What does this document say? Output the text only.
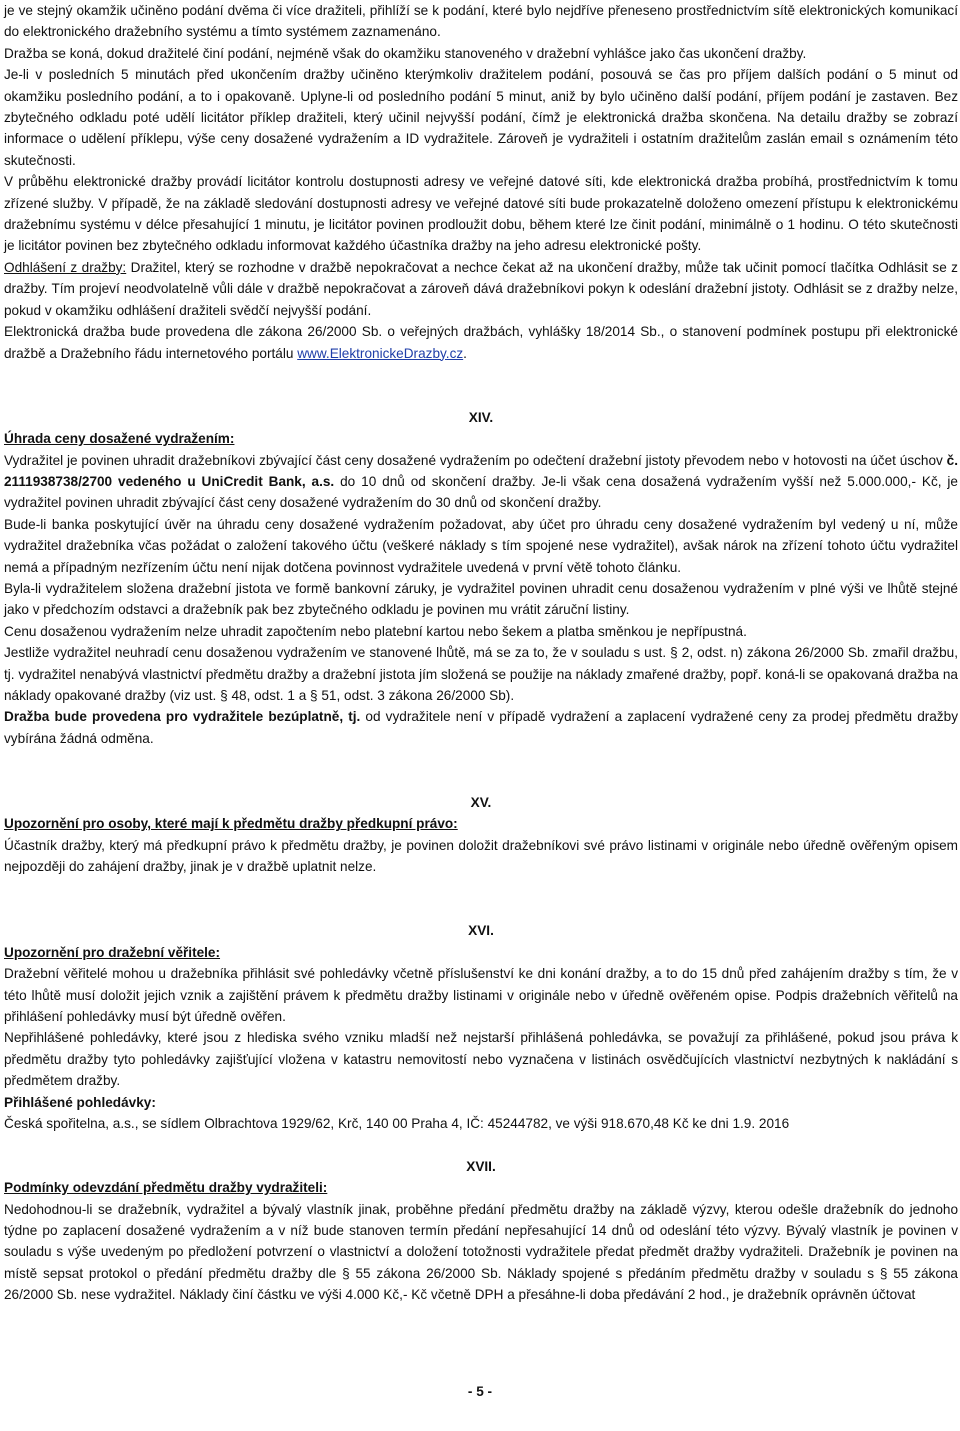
je ve stejný okamžik učiněno podání dvěma či více dražiteli, přihlíží se k podání, které bylo nejdříve přeneseno prostřednictvím sítě elektronických komunikací do elektronického dražebního systému a tímto systémem zaznamenáno.

Dražba se koná, dokud dražitelé činí podání, nejméně však do okamžiku stanoveného v dražební vyhlášce jako čas ukončení dražby.

Je-li v posledních 5 minutách před ukončením dražby učiněno kterýmkoliv dražitelem podání, posouvá se čas pro příjem dalších podání o 5 minut od okamžiku posledního podání, a to i opakovaně. Uplyne-li od posledního podání 5 minut, aniž by bylo učiněno další podání, příjem podání je zastaven. Bez zbytečného odkladu poté udělí licitátor příklep dražiteli, který učinil nejvyšší podání, čímž je elektronická dražba skončena. Na detailu dražby se zobrazí informace o udělení příklepu, výše ceny dosažené vydražením a ID vydražitele. Zároveň je vydražiteli i ostatním dražitelům zaslán email s oznámením této skutečnosti.

V průběhu elektronické dražby provádí licitátor kontrolu dostupnosti adresy ve veřejné datové síti, kde elektronická dražba probíhá, prostřednictvím k tomu zřízené služby. V případě, že na základě sledování dostupnosti adresy ve veřejné datové síti bude prokazatelně doloženo omezení přístupu k elektronickému dražebnímu systému v délce přesahující 1 minutu, je licitátor povinen prodloužit dobu, během které lze činit podání, minimálně o 1 hodinu. O této skutečnosti je licitátor povinen bez zbytečného odkladu informovat každého účastníka dražby na jeho adresu elektronické pošty.

Odhlášení z dražby: Dražitel, který se rozhodne v dražbě nepokračovat a nechce čekat až na ukončení dražby, může tak učinit pomocí tlačítka Odhlásit se z dražby. Tím projeví neodvolatelně vůli dále v dražbě nepokračovat a zároveň dává dražebníkovi pokyn k odeslání dražební jistoty. Odhlásit se z dražby nelze, pokud v okamžiku odhlášení dražiteli svědčí nejvyšší podání.

Elektronická dražba bude provedena dle zákona 26/2000 Sb. o veřejných dražbách, vyhlášky 18/2014 Sb., o stanovení podmínek postupu při elektronické dražbě a Dražebního řádu internetového portálu www.ElektronickeDrazby.cz.

XIV.

Úhrada ceny dosažené vydražením:

Vydražitel je povinen uhradit dražebníkovi zbývající část ceny dosažené vydražením po odečtení dražební jistoty převodem nebo v hotovosti na účet úschov č. 2111938738/2700 vedeného u UniCredit Bank, a.s. do 10 dnů od skončení dražby. Je-li však cena dosažená vydražením vyšší než 5.000.000,- Kč, je vydražitel povinen uhradit zbývající část ceny dosažené vydražením do 30 dnů od skončení dražby.

Bude-li banka poskytující úvěr na úhradu ceny dosažené vydražením požadovat, aby účet pro úhradu ceny dosažené vydražením byl vedený u ní, může vydražitel dražebníka včas požádat o založení takového účtu (veškeré náklady s tím spojené nese vydražitel), avšak nárok na zřízení tohoto účtu vydražitel nemá a případným nezřízením účtu není nijak dotčena povinnost vydražitele uvedená v první větě tohoto článku.

Byla-li vydražitelem složena dražební jistota ve formě bankovní záruky, je vydražitel povinen uhradit cenu dosaženou vydražením v plné výši ve lhůtě stejné jako v předchozím odstavci a dražebník pak bez zbytečného odkladu je povinen mu vrátit záruční listiny.

Cenu dosaženou vydražením nelze uhradit započtením nebo platební kartou nebo šekem a platba směnkou je nepřípustná.

Jestliže vydražitel neuhradí cenu dosaženou vydražením ve stanovené lhůtě, má se za to, že v souladu s ust. § 2, odst. n) zákona 26/2000 Sb. zmařil dražbu, tj. vydražitel nenabývá vlastnictví předmětu dražby a dražební jistota jím složená se použije na náklady zmařené dražby, popř. koná-li se opakovaná dražba na náklady opakované dražby (viz ust. § 48, odst. 1 a § 51, odst. 3 zákona 26/2000 Sb).

Dražba bude provedena pro vydražitele bezúplatně, tj. od vydražitele není v případě vydražení a zaplacení vydražené ceny za prodej předmětu dražby vybírána žádná odměna.

XV.

Upozornění pro osoby, které mají k předmětu dražby předkupní právo:

Účastník dražby, který má předkupní právo k předmětu dražby, je povinen doložit dražebníkovi své právo listinami v originále nebo úředně ověřeným opisem nejpozději do zahájení dražby, jinak je v dražbě uplatnit nelze.

XVI.

Upozornění pro dražební věřitele:

Dražební věřitelé mohou u dražebníka přihlásit své pohledávky včetně příslušenství ke dni konání dražby, a to do 15 dnů před zahájením dražby s tím, že v této lhůtě musí doložit jejich vznik a zajištění právem k předmětu dražby listinami v originále nebo v úředně ověřeném opise. Podpis dražebních věřitelů na přihlášení pohledávky musí být úředně ověřen.

Nepřihlášené pohledávky, které jsou z hlediska svého vzniku mladší než nejstarší přihlášená pohledávka, se považují za přihlášené, pokud jsou práva k předmětu dražby tyto pohledávky zajišťující vložena v katastru nemovitostí nebo vyznačena v listinách osvědčujících vlastnictví nezbytných k nakládání s předmětem dražby.

Přihlášené pohledávky:

Česká spořitelna, a.s., se sídlem Olbrachtova 1929/62, Krč, 140 00 Praha 4, IČ: 45244782, ve výši 918.670,48 Kč ke dni 1.9. 2016

XVII.

Podmínky odevzdání předmětu dražby vydražiteli:

Nedohodnou-li se dražebník, vydražitel a bývalý vlastník jinak, proběhne předání předmětu dražby na základě výzvy, kterou odešle dražebník do jednoho týdne po zaplacení dosažené vydražením a v níž bude stanoven termín předání nepřesahující 14 dnů od odeslání této výzvy. Bývalý vlastník je povinen v souladu s výše uvedeným po předložení potvrzení o vlastnictví a doložení totožnosti vydražitele předat předmět dražby vydražiteli. Dražebník je povinen na místě sepsat protokol o předání předmětu dražby dle § 55 zákona 26/2000 Sb. Náklady spojené s předáním předmětu dražby v souladu s § 55 zákona 26/2000 Sb. nese vydražitel. Náklady činí částku ve výši 4.000 Kč,- Kč včetně DPH a přesáhne-li doba předávání 2 hod., je dražebník oprávněn účtovat

- 5 -
